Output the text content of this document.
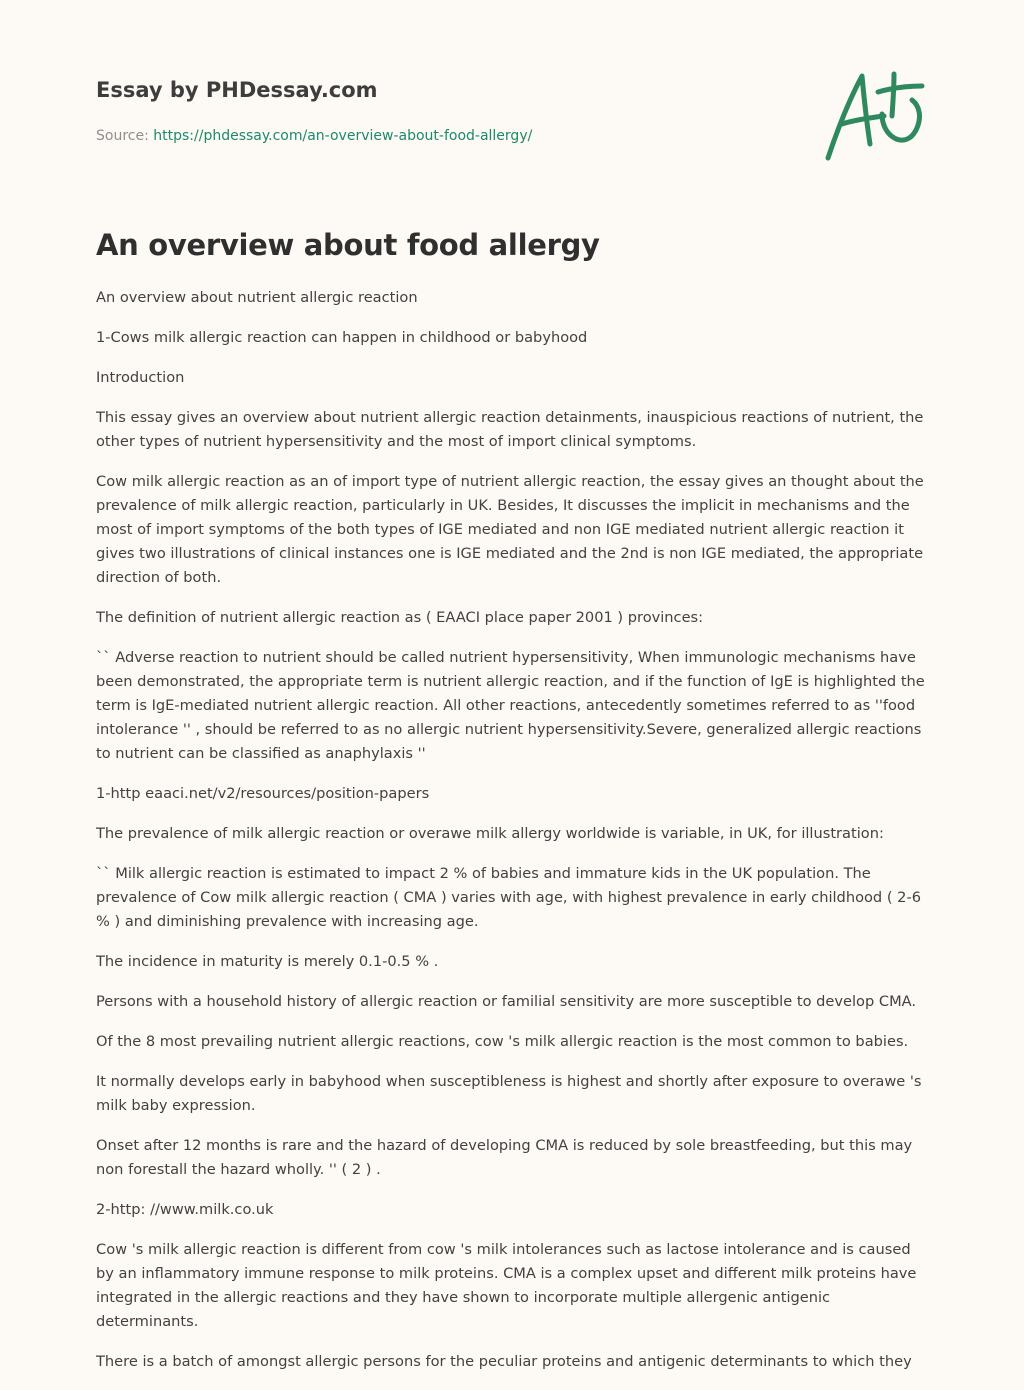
Essay by PHDessay.com
Source: https://phdessay.com/an-overview-about-food-allergy/
An overview about food allergy

An overview about nutrient allergic reaction

1-Cows milk allergic reaction can happen in childhood or babyhood

Introduction

This essay gives an overview about nutrient allergic reaction detainments, inauspicious reactions of nutrient, the other types of nutrient hypersensitivity and the most of import clinical symptoms.

Cow milk allergic reaction as an of import type of nutrient allergic reaction, the essay gives an thought about the prevalence of milk allergic reaction, particularly in UK. Besides, It discusses the implicit in mechanisms and the most of import symptoms of the both types of IGE mediated and non IGE mediated nutrient allergic reaction it gives two illustrations of clinical instances one is IGE mediated and the 2nd is non IGE mediated, the appropriate direction of both.

The definition of nutrient allergic reaction as ( EAACI place paper 2001 ) provinces:

`` Adverse reaction to nutrient should be called nutrient hypersensitivity, When immunologic mechanisms have been demonstrated, the appropriate term is nutrient allergic reaction, and if the function of IgE is highlighted the term is IgE-mediated nutrient allergic reaction. All other reactions, antecedently sometimes referred to as ''food intolerance '' , should be referred to as no allergic nutrient hypersensitivity.Severe, generalized allergic reactions to nutrient can be classified as anaphylaxis ''

1-http eaaci.net/v2/resources/position-papers

The prevalence of milk allergic reaction or overawe milk allergy worldwide is variable, in UK, for illustration:

`` Milk allergic reaction is estimated to impact 2 % of babies and immature kids in the UK population. The prevalence of Cow milk allergic reaction ( CMA ) varies with age, with highest prevalence in early childhood ( 2-6 % ) and diminishing prevalence with increasing age.

The incidence in maturity is merely 0.1-0.5 % .

Persons with a household history of allergic reaction or familial sensitivity are more susceptible to develop CMA.

Of the 8 most prevailing nutrient allergic reactions, cow 's milk allergic reaction is the most common to babies.

It normally develops early in babyhood when susceptibleness is highest and shortly after exposure to overawe 's milk baby expression.

Onset after 12 months is rare and the hazard of developing CMA is reduced by sole breastfeeding, but this may non forestall the hazard wholly. '' ( 2 ) .

2-http: //www.milk.co.uk

Cow 's milk allergic reaction is different from cow 's milk intolerances such as lactose intolerance and is caused by an inflammatory immune response to milk proteins. CMA is a complex upset and different milk proteins have integrated in the allergic reactions and they have shown to incorporate multiple allergenic antigenic determinants.

There is a batch of amongst allergic persons for the peculiar proteins and antigenic determinants to which they
